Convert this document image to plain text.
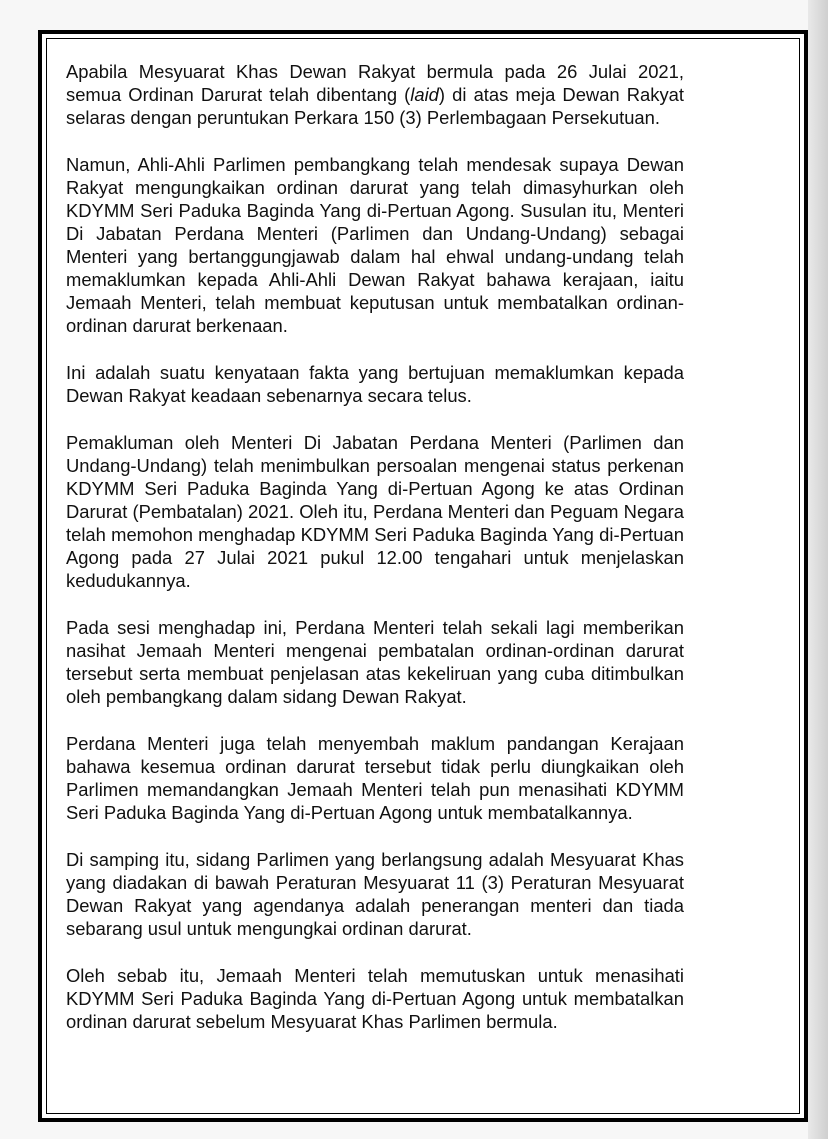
Apabila Mesyuarat Khas Dewan Rakyat bermula pada 26 Julai 2021, semua Ordinan Darurat telah dibentang (laid) di atas meja Dewan Rakyat selaras dengan peruntukan Perkara 150 (3) Perlembagaan Persekutuan.

Namun, Ahli-Ahli Parlimen pembangkang telah mendesak supaya Dewan Rakyat mengungkaikan ordinan darurat yang telah dimasyhurkan oleh KDYMM Seri Paduka Baginda Yang di-Pertuan Agong. Susulan itu, Menteri Di Jabatan Perdana Menteri (Parlimen dan Undang-Undang) sebagai Menteri yang bertanggungjawab dalam hal ehwal undang-undang telah memaklumkan kepada Ahli-Ahli Dewan Rakyat bahawa kerajaan, iaitu Jemaah Menteri, telah membuat keputusan untuk membatalkan ordinan-ordinan darurat berkenaan.

Ini adalah suatu kenyataan fakta yang bertujuan memaklumkan kepada Dewan Rakyat keadaan sebenarnya secara telus.

Pemakluman oleh Menteri Di Jabatan Perdana Menteri (Parlimen dan Undang-Undang) telah menimbulkan persoalan mengenai status perkenan KDYMM Seri Paduka Baginda Yang di-Pertuan Agong ke atas Ordinan Darurat (Pembatalan) 2021. Oleh itu, Perdana Menteri dan Peguam Negara telah memohon menghadap KDYMM Seri Paduka Baginda Yang di-Pertuan Agong pada 27 Julai 2021 pukul 12.00 tengahari untuk menjelaskan kedudukannya.

Pada sesi menghadap ini, Perdana Menteri telah sekali lagi memberikan nasihat Jemaah Menteri mengenai pembatalan ordinan-ordinan darurat tersebut serta membuat penjelasan atas kekeliruan yang cuba ditimbulkan oleh pembangkang dalam sidang Dewan Rakyat.

Perdana Menteri juga telah menyembah maklum pandangan Kerajaan bahawa kesemua ordinan darurat tersebut tidak perlu diungkaikan oleh Parlimen memandangkan Jemaah Menteri telah pun menasihati KDYMM Seri Paduka Baginda Yang di-Pertuan Agong untuk membatalkannya.

Di samping itu, sidang Parlimen yang berlangsung adalah Mesyuarat Khas yang diadakan di bawah Peraturan Mesyuarat 11 (3) Peraturan Mesyuarat Dewan Rakyat yang agendanya adalah penerangan menteri dan tiada sebarang usul untuk mengungkai ordinan darurat.

Oleh sebab itu, Jemaah Menteri telah memutuskan untuk menasihati KDYMM Seri Paduka Baginda Yang di-Pertuan Agong untuk membatalkan ordinan darurat sebelum Mesyuarat Khas Parlimen bermula.
